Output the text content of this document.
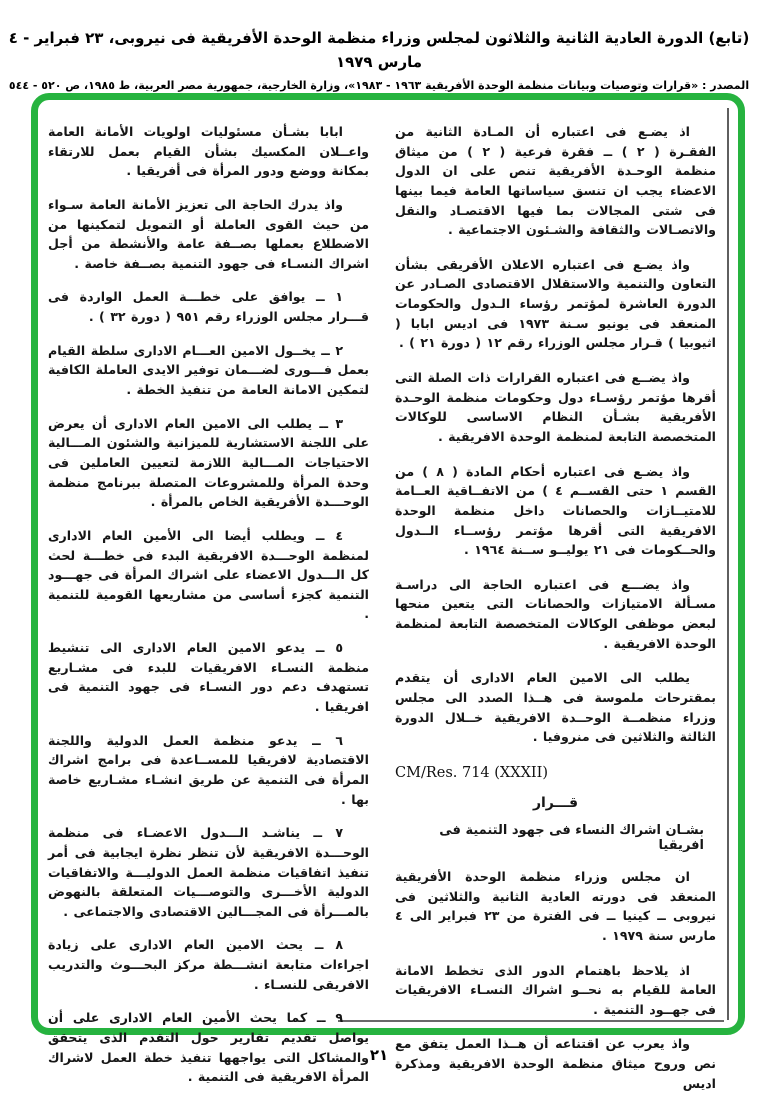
(تابع) الدورة العادية الثانية والثلاثون لمجلس وزراء منظمة الوحدة الأفريقية فى نيروبى، ٢٣ فبراير - ٤ مارس ١٩٧٩
المصدر : «قرارات وتوصيات وبيانات منظمة الوحدة الأفريقية ١٩٦٣ - ١٩٨٣»، وزارة الخارجية، جمهورية مصر العربية، ط ١٩٨٥، ص ٥٢٠ - ٥٤٤

اذ يضـع فى اعتباره أن المـادة الثانية من الفقـرة ( ٢ ) ــ فقرة فرعية ( ٢ ) من ميثاق منظمة الوحـدة الأفريقية تنص على ان الدول الاعضاء يجب ان تنسق سياساتها العامة فيما بينها فى شتى المجالات بما فيها الاقتصـاد والنقل والاتصـالات والثقافة والشـئون الاجتماعية .

واذ يضـع فى اعتباره الاعلان الأفريقى بشأن التعاون والتنمية والاستقلال الاقتصادى الصـادر عن الدورة العاشرة لمؤتمر رؤساء الـدول والحكومات المنعقد فى يونيو سـنة ١٩٧٣ فى اديس ابابا ( اثيوبيا ) قـرار مجلس الوزراء رقم ١٢ ( دورة ٢١ ) .

واذ يضــع فى اعتباره القرارات ذات الصلة التى أقرها مؤتمر رؤسـاء دول وحكومات منظمة الوحـدة الأفريقية بشـأن النظام الاساسى للوكالات المتخصصة التابعة لمنظمة الوحدة الافريقية .

واذ يضـع فى اعتباره أحكام المادة ( ٨ ) من القسم ١ حتى القســم ٤ ) من الاتفــاقية العــامة للامتيــازات والحصانات داخل منظمة الوحدة الافريقية التى أقرها مؤتمر رؤســاء الــدول والحــكومات فى ٢١ يوليــو ســنة ١٩٦٤ .

واذ يضـــع فى اعتباره الحاجة الى دراسـة مسـألة الامتيازات والحصانات التى يتعين منحها لبعض موظفى الوكالات المتخصصة التابعة لمنظمة الوحدة الافريقية .

يطلب الى الامين العام الادارى أن يتقدم بمقترحات ملموسة فى هــذا الصدد الى مجلس وزراء منظمــة الوحــدة الافريقية خــلال الدورة الثالثة والثلاثين فى منروفيا .

CM/Res. 714 (XXXII)
قـــرار
بشـان اشراك النساء فى جهود التنمية فى افريقيا

ان مجلس وزراء منظمة الوحدة الأفريقية المنعقد فى دورته العادية الثانية والثلاثين فى نيروبى ــ كينيا ــ فى الفترة من ٢٣ فبراير الى ٤ مارس سنة ١٩٧٩ .

اذ يلاحظ باهتمام الدور الذى تخطط الامانة العامة للقيام به نحــو اشراك النسـاء الافريقيات فى جهــود التنمية .

واذ يعرب عن اقتناعه أن هــذا العمل يتفق مع نص وروح ميثاق منظمة الوحدة الافريقية ومذكرة اديس

ابابا بشـأن مسئوليات اولويات الأمانة العامة واعــلان المكسيك بشأن القيام بعمل للارتقاء بمكانة ووضع ودور المرأة فى أفريقيا .

واذ يدرك الحاجة الى تعزيز الأمانة العامة سـواء من حيث القوى العاملة أو التمويل لتمكينها من الاضطلاع بعملها بصــفة عامة والأنشطة من أجل اشراك النسـاء فى جهود التنمية بصــفة خاصة .

١ ــ يوافق على خطـــة العمل الواردة فى قـــرار مجلس الوزراء رقم ٩٥١ ( دورة ٣٢ ) .

٢ ــ يخــول الامين العـــام الادارى سلطة القيام بعمل فـــورى لضـــمان توفير الايدى العاملة الكافية لتمكين الامانة العامة من تنفيذ الخطة .

٣ ــ يطلب الى الامين العام الادارى أن يعرض على اللجنة الاستشارية للميزانية والشئون المـــالية الاحتياجات المـــالية اللازمة لتعيين العاملين فى وحدة المرأة وللمشروعات المتصلة ببرنامج منظمة الوحـــدة الأفريقية الخاص بالمرأة .

٤ ــ ويطلب أيضا الى الأمين العام الادارى لمنظمة الوحـــدة الافريقية البدء فى خطـــة لحث كل الـــدول الاعضاء على اشراك المرأة فى جهـــود التنمية كجزء أساسى من مشاريعها القومية للتنمية .

٥ ــ يدعو الامين العام الادارى الى تنشيط منظمة النسـاء الافريقيات للبدء فى مشـاريع تستهدف دعم دور النسـاء فى جهود التنمية فى افريقيا .

٦ ــ يدعو منظمة العمل الدولية واللجنة الاقتصادية لافريقيا للمســاعدة فى برامج اشراك المرأة فى التنمية عن طريق انشـاء مشـاريع خاصة بها .

٧ ــ يناشـد الـــدول الاعضـاء فى منظمة الوحـــدة الافريقية لأن تنظر نظرة ايجابية فى أمر تنفيذ اتفاقيات منظمة العمل الدوليـــة والاتفاقيات الدولية الأخـــرى والتوصـــيات المتعلقة بالنهوض بالمـــرأة فى المجـــالين الاقتصادى والاجتماعى .

٨ ــ يحث الامين العام الادارى على زيادة اجراءات متابعة انشـــطة مركز البحـــوث والتدريب الافريقى للنسـاء .

٩ ــ كما يحث الأمين العام الادارى على أن يواصل تقديم تقارير حول التقدم الذى يتحقق والمشاكل التى يواجهها تنفيذ خطة العمل لاشراك المرأة الافريقية فى التنمية .

٢١
